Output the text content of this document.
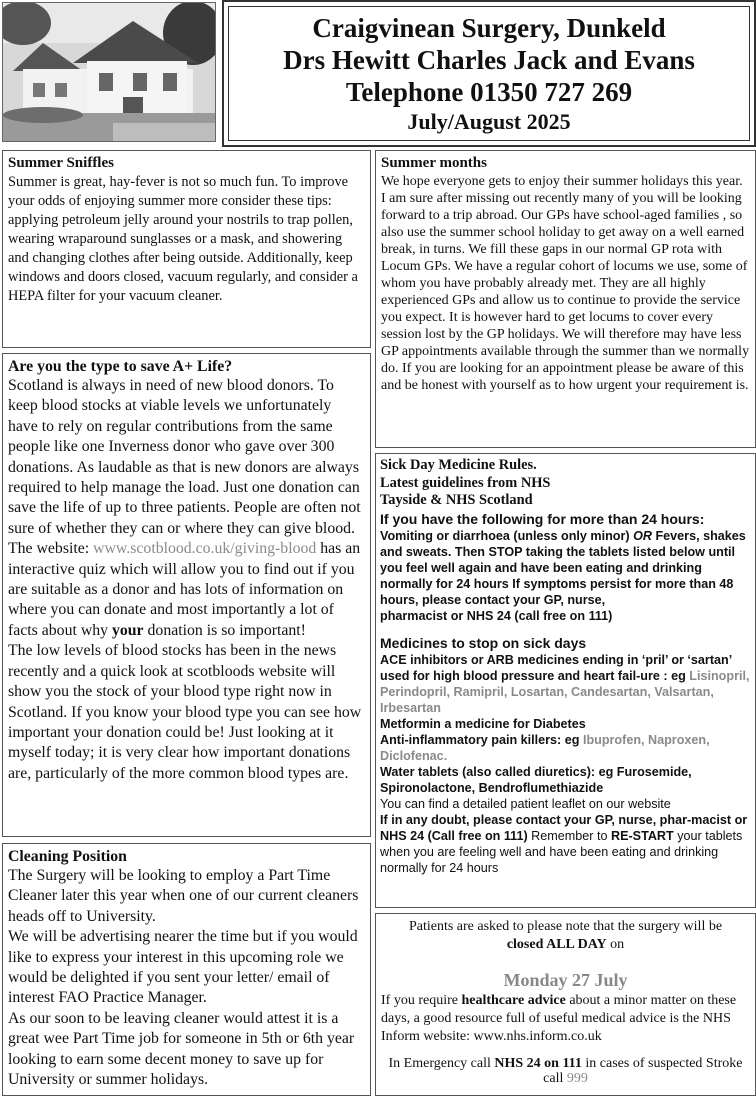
Craigvinean Surgery, Dunkeld
Drs Hewitt Charles Jack and Evans
Telephone 01350 727 269
July/August 2025
Summer Sniffles
Summer is great, hay-fever is not so much fun. To improve your odds of enjoying summer more consider these tips: applying petroleum jelly around your nostrils to trap pollen, wearing wraparound sunglasses or a mask, and showering and changing clothes after being outside. Additionally, keep windows and doors closed, vacuum regularly, and consider a HEPA filter for your vacuum cleaner.
Summer months
We hope everyone gets to enjoy their summer holidays this year. I am sure after missing out recently many of you will be looking forward to a trip abroad. Our GPs have school-aged families , so also use the summer school holiday to get away on a well earned break, in turns. We fill these gaps in our normal GP rota with Locum GPs. We have a regular cohort of locums we use, some of whom you have probably already met. They are all highly experienced GPs and allow us to continue to provide the service you expect. It is however hard to get locums to cover every session lost by the GP holidays. We will therefore may have less GP appointments available through the summer than we normally do. If you are looking for an appointment please be aware of this and be honest with yourself as to how urgent your requirement is.
Are you the type to save A+ Life?
Scotland is always in need of new blood donors. To keep blood stocks at viable levels we unfortunately have to rely on regular contributions from the same people like one Inverness donor who gave over 300 donations. As laudable as that is new donors are always required to help manage the load. Just one donation can save the life of up to three patients. People are often not sure of whether they can or where they can give blood. The website: www.scotblood.co.uk/giving-blood has an interactive quiz which will allow you to find out if you are suitable as a donor and has lots of information on where you can donate and most importantly a lot of facts about why your donation is so important!
The low levels of blood stocks has been in the news recently and a quick look at scotbloods website will show you the stock of your blood type right now in Scotland. If you know your blood type you can see how important your donation could be! Just looking at it myself today; it is very clear how important donations are, particularly of the more common blood types are.
Sick Day Medicine Rules.
Latest guidelines from NHS
Tayside & NHS Scotland
If you have the following for more than 24 hours:
Vomiting or diarrhoea (unless only minor) OR Fevers, shakes and sweats. Then STOP taking the tablets listed below until you feel well again and have been eating and drinking normally for 24 hours If symptoms persist for more than 48 hours, please contact your GP, nurse,
pharmacist or NHS 24 (call free on 111)
Medicines to stop on sick days
ACE inhibitors or ARB medicines ending in ‘pril’ or ‘sartan’ used for high blood pressure and heart fail-ure : eg Lisinopril, Perindopril, Ramipril, Losartan, Candesartan, Valsartan, Irbesartan
Metformin a medicine for Diabetes
Anti-inflammatory pain killers: eg Ibuprofen, Naproxen, Diclofenac.
Water tablets (also called diuretics): eg Furosemide, Spironolactone, Bendroflumethiazide
You can find a detailed patient leaflet on our website
If in any doubt, please contact your GP, nurse, phar-macist or NHS 24 (Call free on 111) Remember to RE-START your tablets when you are feeling well and have been eating and drinking normally for 24 hours
Cleaning Position
The Surgery will be looking to employ a Part Time Cleaner later this year when one of our current cleaners heads off to University.
We will be advertising nearer the time but if you would like to express your interest in this upcoming role we would be delighted if you sent your letter/ email of interest FAO Practice Manager.
As our soon to be leaving cleaner would attest it is a great wee Part Time job for someone in 5th or 6th year looking to earn some decent money to save up for University or summer holidays.
Patients are asked to please note that the surgery will be
closed ALL DAY on
Monday 27 July
If you require healthcare advice about a minor matter on these days, a good resource full of useful medical advice is the NHS Inform website: www.nhs.inform.co.uk
In Emergency call NHS 24 on 111 in cases of suspected Stroke call 999
